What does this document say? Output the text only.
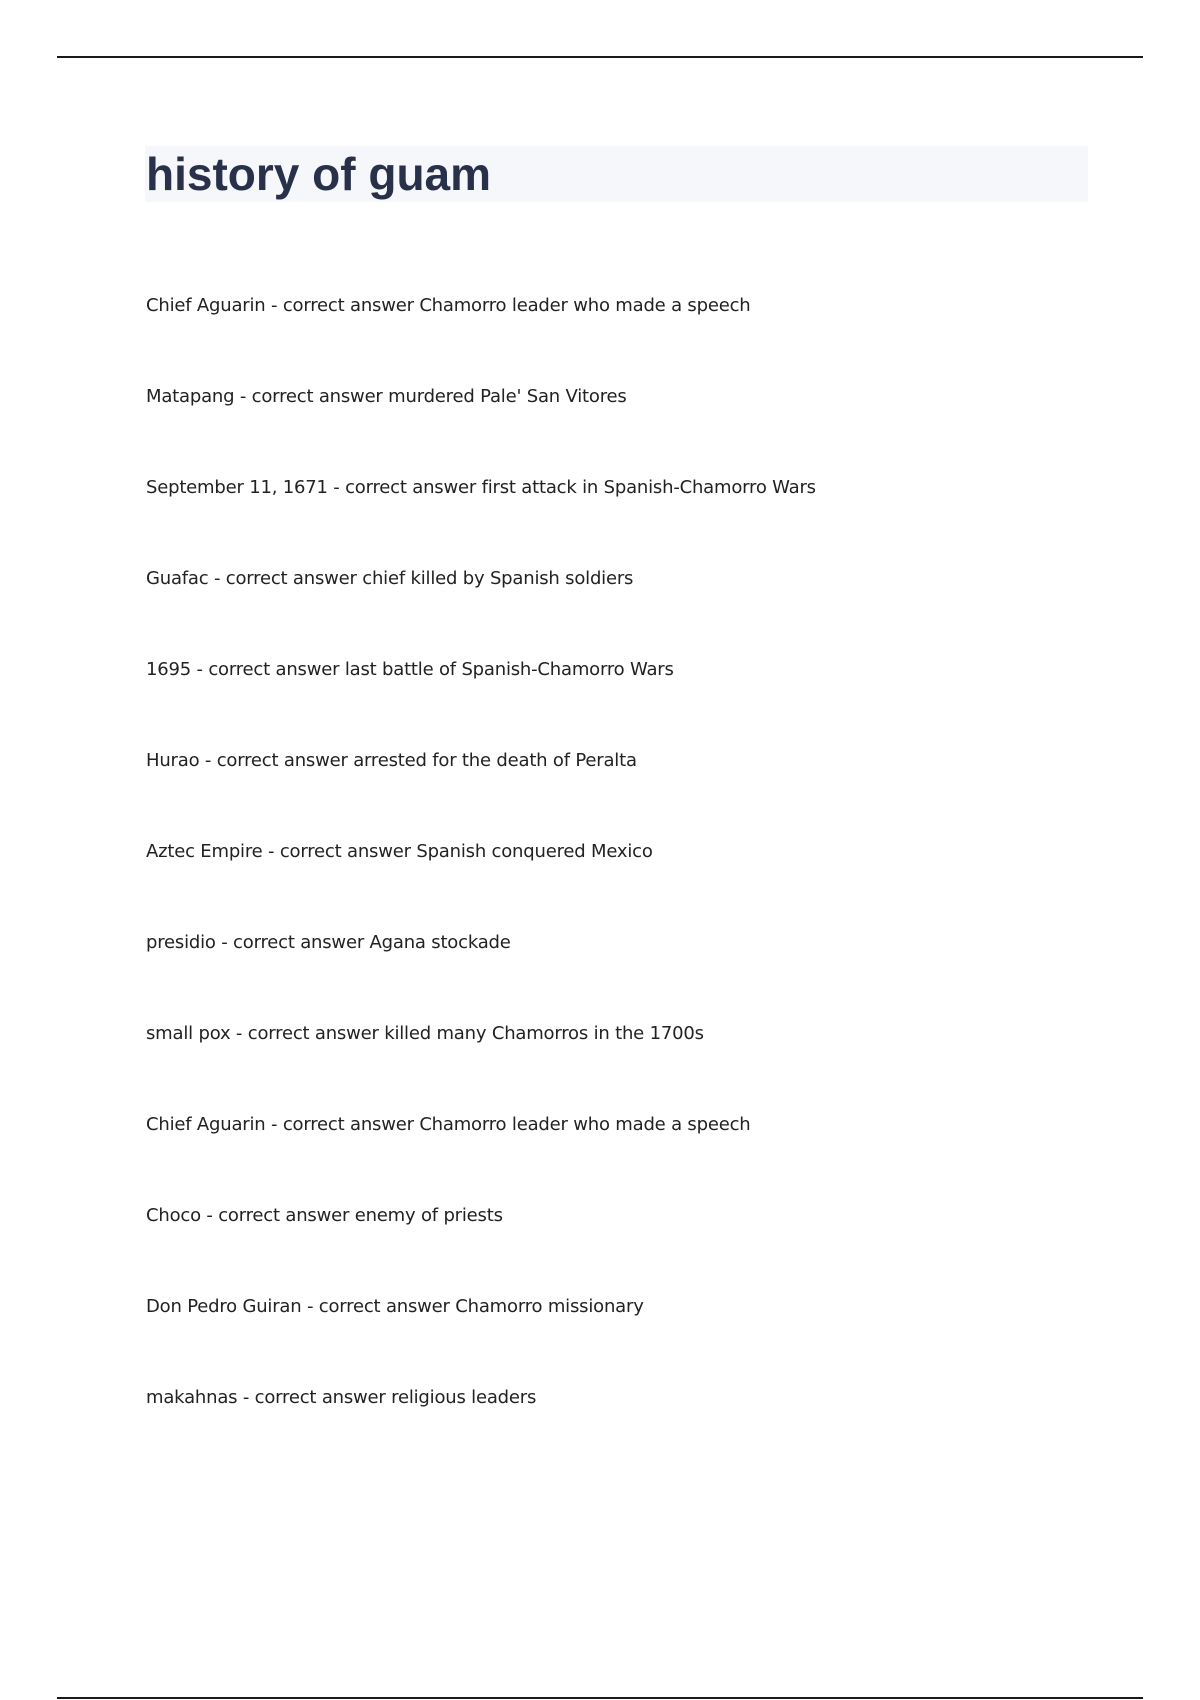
history of guam
Chief Aguarin - correct answer Chamorro leader who made a speech
Matapang - correct answer murdered Pale' San Vitores
September 11, 1671 - correct answer first attack in Spanish-Chamorro Wars
Guafac - correct answer chief killed by Spanish soldiers
1695 - correct answer last battle of Spanish-Chamorro Wars
Hurao - correct answer arrested for the death of Peralta
Aztec Empire - correct answer Spanish conquered Mexico
presidio - correct answer Agana stockade
small pox - correct answer killed many Chamorros in the 1700s
Chief Aguarin - correct answer Chamorro leader who made a speech
Choco - correct answer enemy of priests
Don Pedro Guiran - correct answer Chamorro missionary
makahnas - correct answer religious leaders
